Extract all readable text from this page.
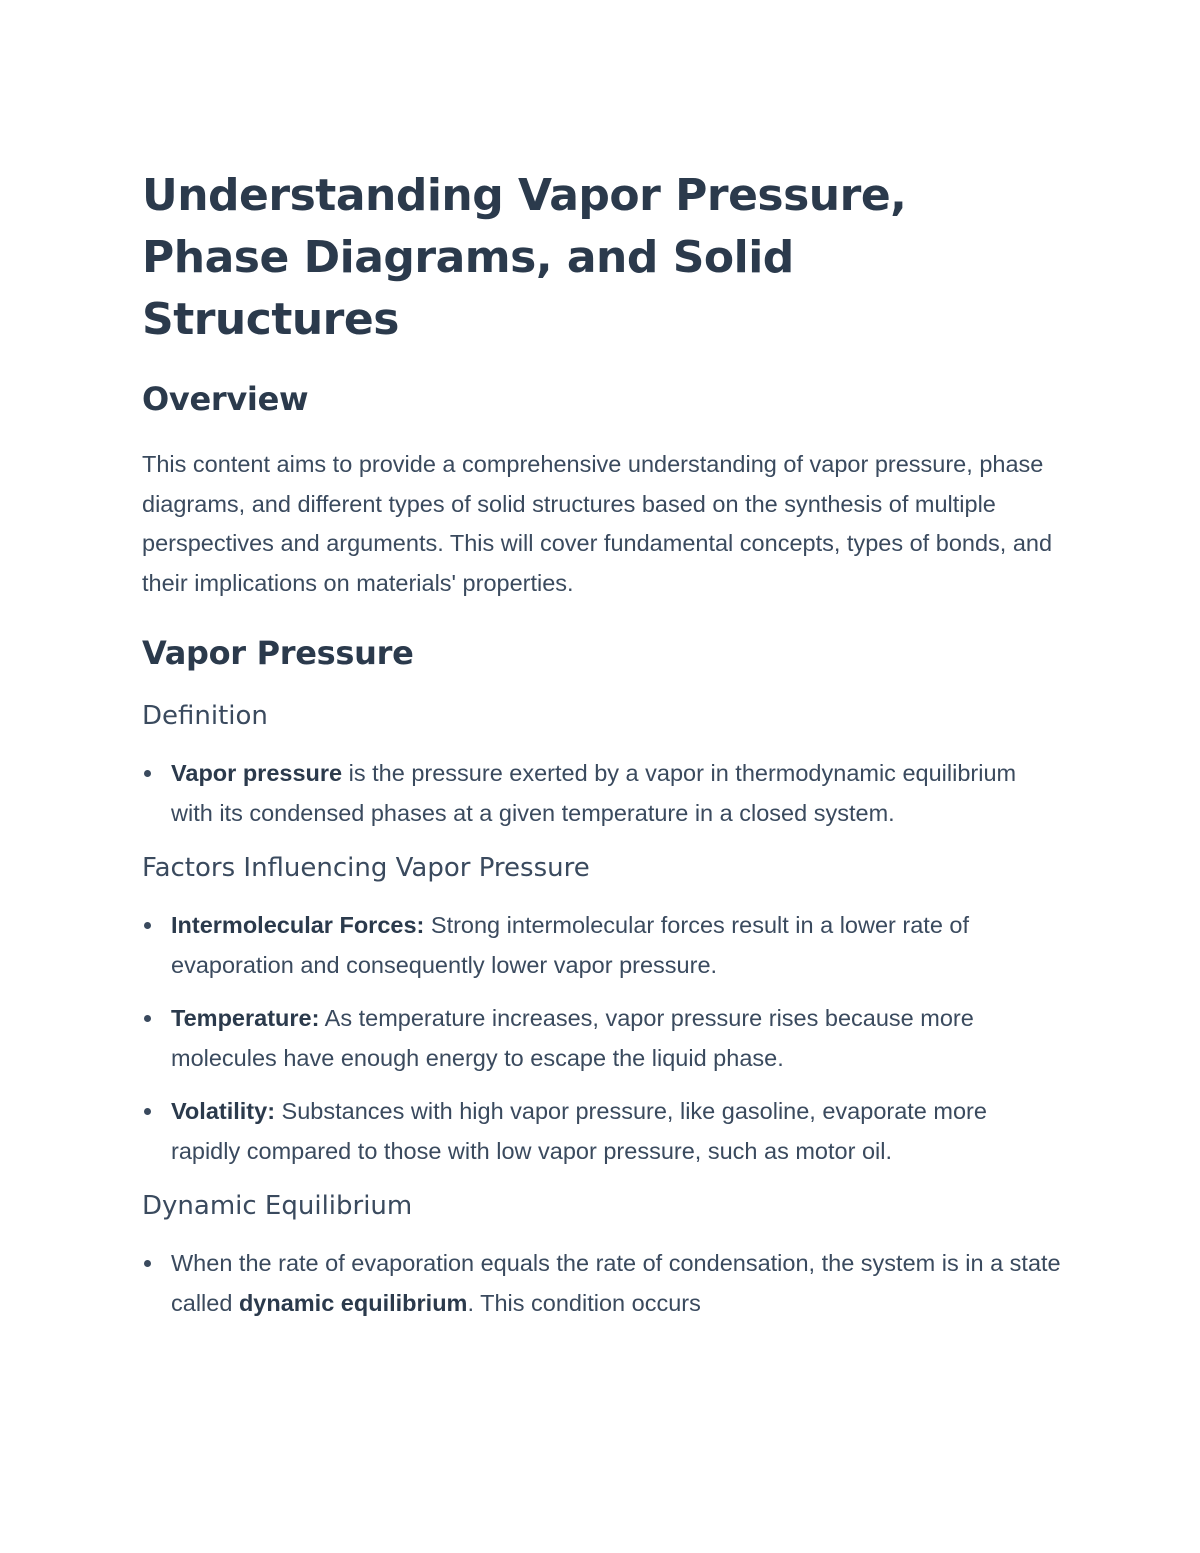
Understanding Vapor Pressure, Phase Diagrams, and Solid Structures
Overview

This content aims to provide a comprehensive understanding of vapor pressure, phase diagrams, and different types of solid structures based on the synthesis of multiple perspectives and arguments. This will cover fundamental concepts, types of bonds, and their implications on materials' properties.

Vapor Pressure
Definition
Vapor pressure is the pressure exerted by a vapor in thermodynamic equilibrium with its condensed phases at a given temperature in a closed system.
Factors Influencing Vapor Pressure
Intermolecular Forces: Strong intermolecular forces result in a lower rate of evaporation and consequently lower vapor pressure.
Temperature: As temperature increases, vapor pressure rises because more molecules have enough energy to escape the liquid phase.
Volatility: Substances with high vapor pressure, like gasoline, evaporate more rapidly compared to those with low vapor pressure, such as motor oil.
Dynamic Equilibrium
When the rate of evaporation equals the rate of condensation, the system is in a state called dynamic equilibrium. This condition occurs
